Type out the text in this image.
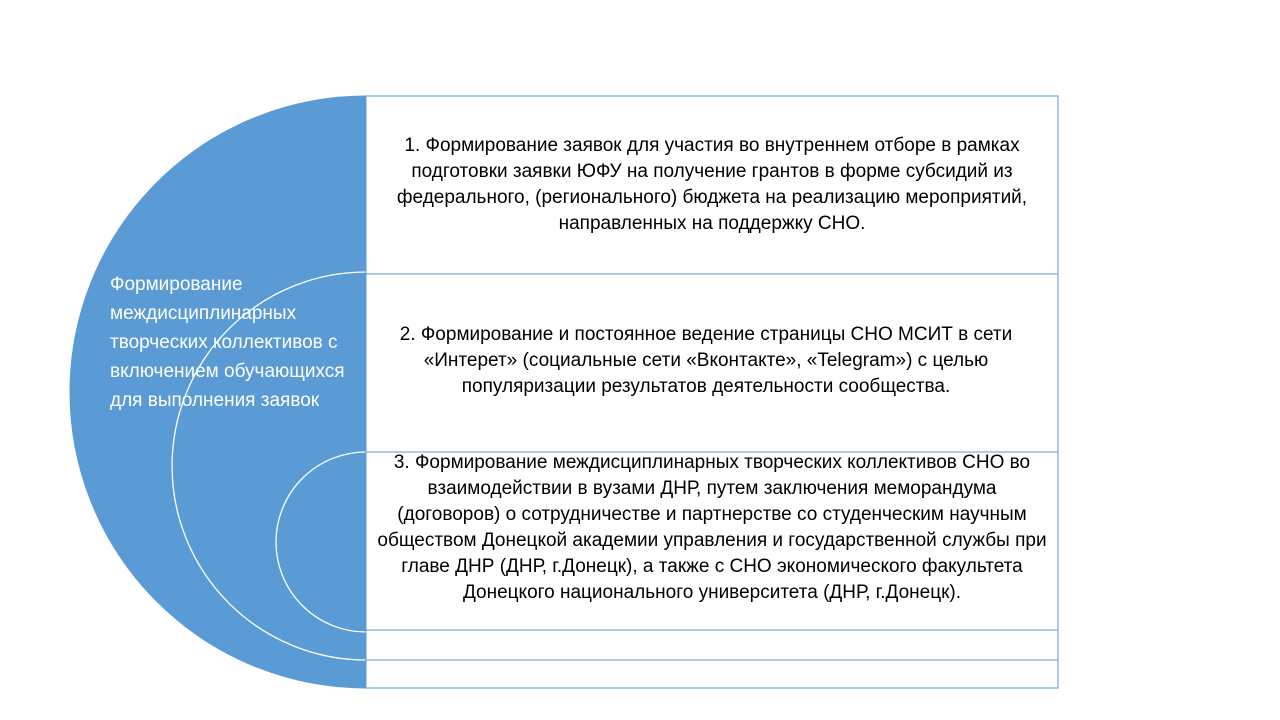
Формирование междисциплинарных творческих коллективов с включением обучающихся для выполнения заявок
1. Формирование заявок для участия во внутреннем отборе в рамках подготовки заявки ЮФУ на получение грантов в форме субсидий из федерального, (регионального) бюджета на реализацию мероприятий, направленных на поддержку СНО.
2. Формирование и постоянное ведение страницы СНО МСИТ в сети «Интерет» (социальные сети «Вконтакте», «Telegram») с целью популяризации результатов деятельности сообщества.
3. Формирование междисциплинарных творческих коллективов СНО во взаимодействии в вузами ДНР, путем заключения меморандума (договоров) о сотрудничестве и партнерстве со студенческим научным обществом Донецкой академии управления и государственной службы при главе ДНР (ДНР, г.Донецк), а также с СНО экономического факультета Донецкого национального университета (ДНР, г.Донецк).
